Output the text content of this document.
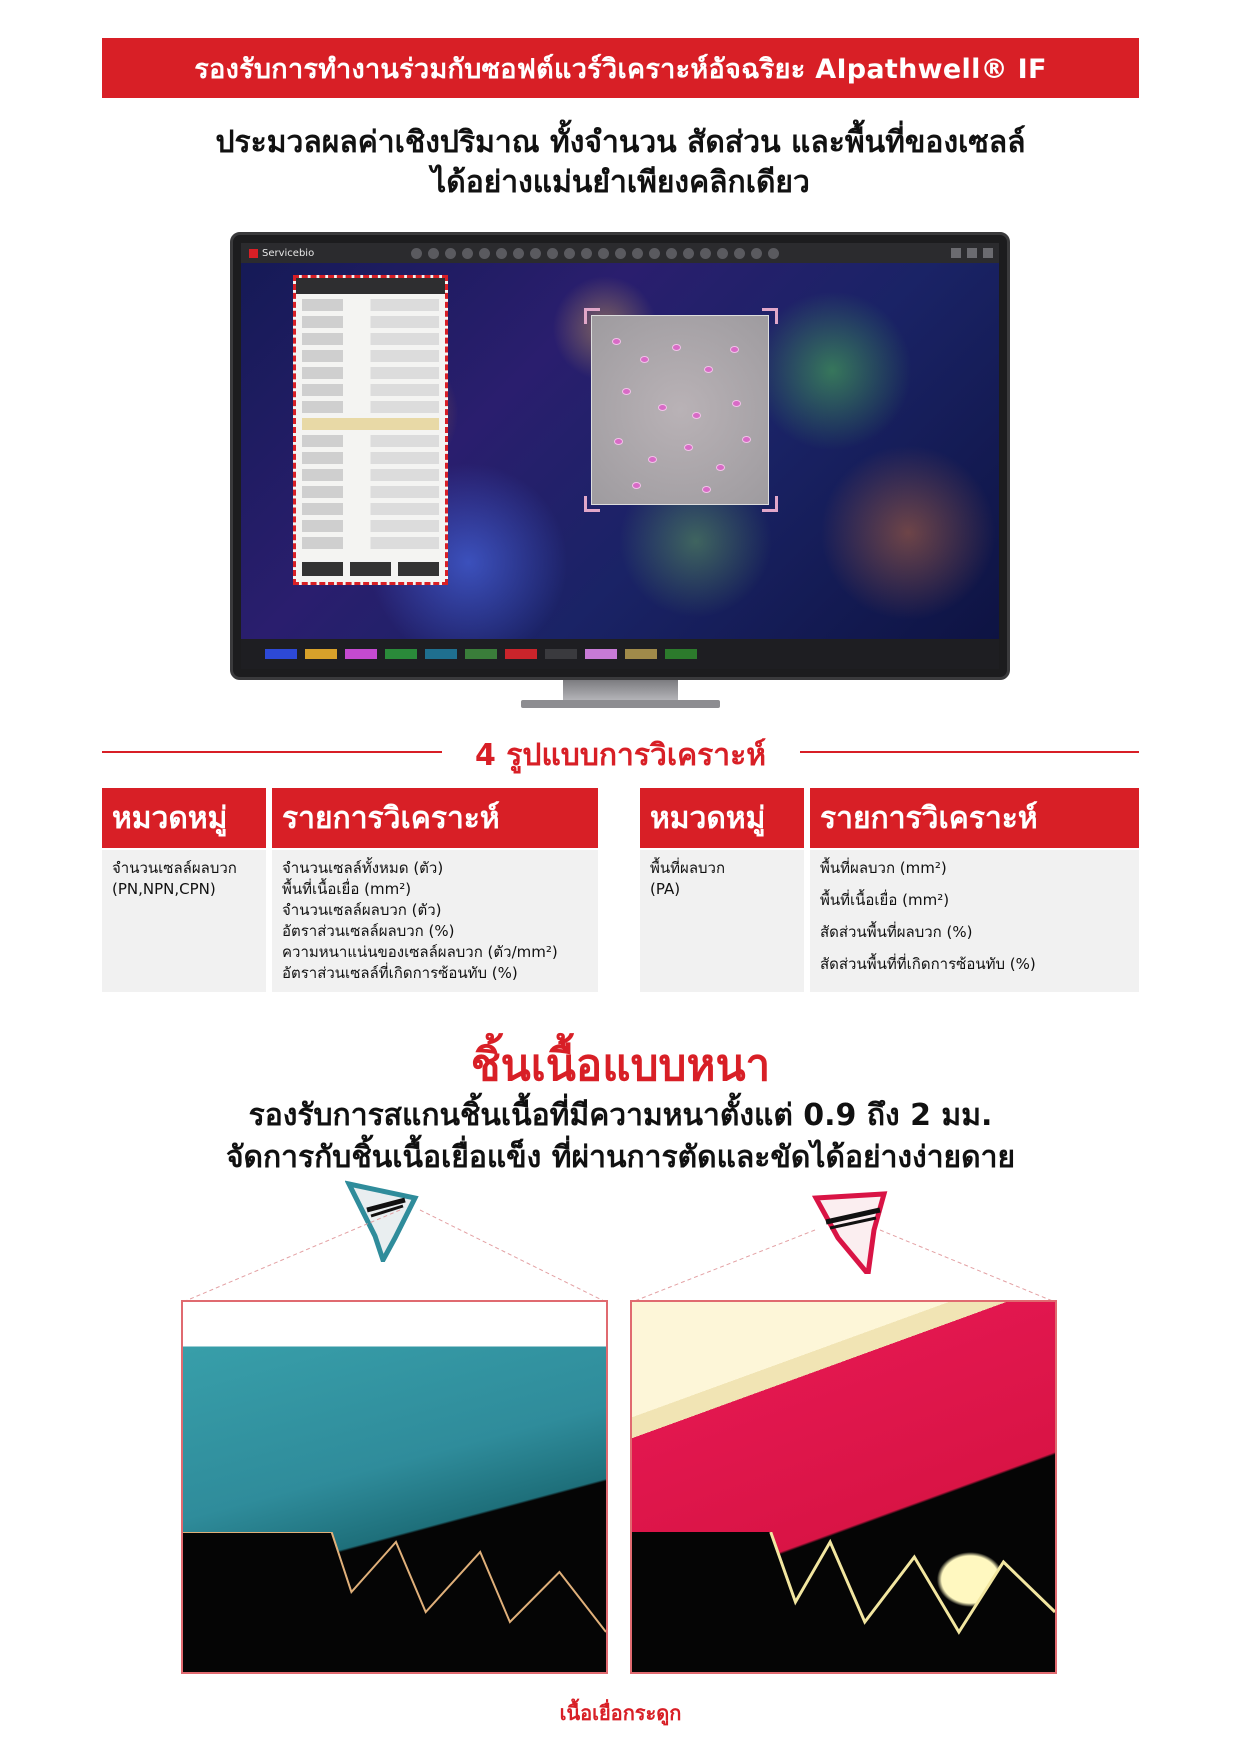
รองรับการทำงานร่วมกับซอฟต์แวร์วิเคราะห์อัจฉริยะ AIpathwell® IF
ประมวลผลค่าเชิงปริมาณ ทั้งจำนวน สัดส่วน และพื้นที่ของเซลล์
ได้อย่างแม่นยำเพียงคลิกเดียว
Servicebio
4 รูปแบบการวิเคราะห์
หมวดหมู่	รายการวิเคราะห์
จำนวนเซลล์ผลบวก
(PN,NPN,CPN)
จำนวนเซลล์ทั้งหมด (ตัว)
พื้นที่เนื้อเยื่อ (mm²)
จำนวนเซลล์ผลบวก (ตัว)
อัตราส่วนเซลล์ผลบวก (%)
ความหนาแน่นของเซลล์ผลบวก (ตัว/mm²)
อัตราส่วนเซลล์ที่เกิดการซ้อนทับ (%)
หมวดหมู่	รายการวิเคราะห์
พื้นที่ผลบวก
(PA)
พื้นที่ผลบวก (mm²)
พื้นที่เนื้อเยื่อ (mm²)
สัดส่วนพื้นที่ผลบวก (%)
สัดส่วนพื้นที่ที่เกิดการซ้อนทับ (%)
ชิ้นเนื้อแบบหนา
รองรับการสแกนชิ้นเนื้อที่มีความหนาตั้งแต่ 0.9 ถึง 2 มม.
จัดการกับชิ้นเนื้อเยื่อแข็ง ที่ผ่านการตัดและขัดได้อย่างง่ายดาย
เนื้อเยื่อกระดูก
